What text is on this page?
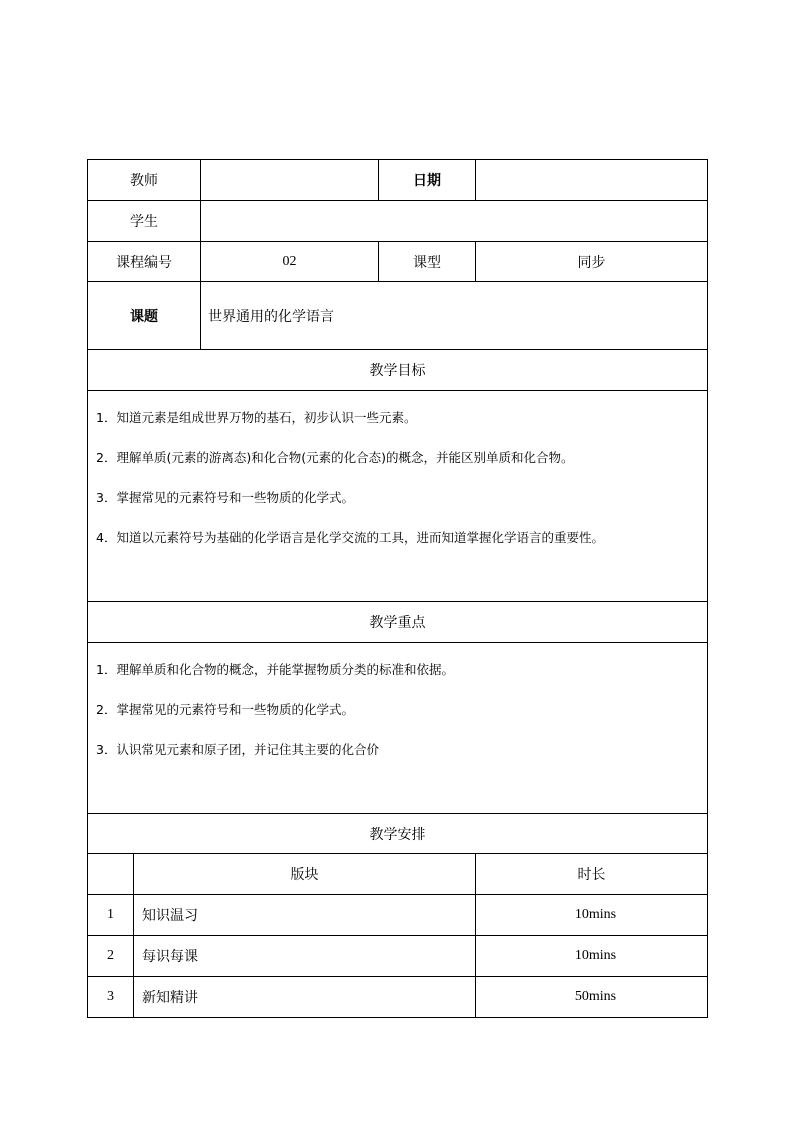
教师			日期	
学生				
课程编号		02	课型	同步
课题		世界通用的化学语言		
教学目标				

1．知道元素是组成世界万物的基石，初步认识一些元素。
2．理解单质(元素的游离态)和化合物(元素的化合态)的概念，并能区别单质和化合物。
3．掌握常见的元素符号和一些物质的化学式。
4．知道以元素符号为基础的化学语言是化学交流的工具，进而知道掌握化学语言的重要性。				

教学重点				

1．理解单质和化合物的概念，并能掌握物质分类的标准和依据。
2．掌握常见的元素符号和一些物质的化学式。
3．认识常见元素和原子团，并记住其主要的化合价				

教学安排				
	版块			时长
1	知识温习			10mins
2	每识每课			10mins
3	新知精讲			50mins
